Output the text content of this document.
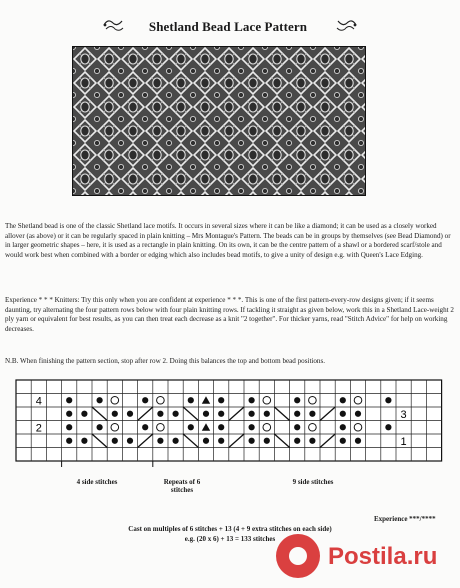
Shetland Bead Lace Pattern
The Shetland bead is one of the classic Shetland lace motifs. It occurs in several sizes where it can be like a diamond; it can be used as a closely worked allover (as above) or it can be regularly spaced in plain knitting – Mrs Montague's Pattern. The beads can be in groups by themselves (see Bead Diamond) or in larger geometric shapes – here, it is used as a rectangle in plain knitting. On its own, it can be the centre pattern of a shawl or a bordered scarf/stole and would work best when combined with a border or edging which also includes bead motifs, to give a unity of design e.g. with Queen's Lace Edging.
Experience * * * Knitters: Try this only when you are confident at experience * * *. This is one of the first pattern-every-row designs given; if it seems daunting, try alternating the four pattern rows below with four plain knitting rows. If tackling it straight as given below, work this in a Shetland Lace-weight 2 ply yarn or equivalent for best results, as you can then treat each decrease as a knit "2 together". For thicker yarns, read "Stitch Advice" for help on working decreases.
N.B. When finishing the pattern section, stop after row 2. Doing this balances the top and bottom bead positions.
4
2
3
1
4 side stitches	Repeats of 6 stitches
9 side stitches
Experience ***/****
Cast on multiples of 6 stitches + 13 (4 + 9 extra stitches on each side)
e.g. (20 x 6) + 13 = 133 stitches
Postila.ru
